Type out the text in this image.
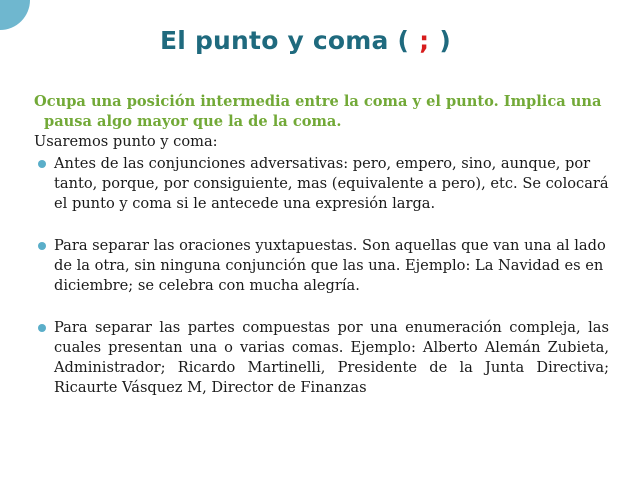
El punto y coma ( ; )

Ocupa una posición intermedia entre la coma y el punto. Implica una pausa algo mayor que la de la coma.

Usaremos punto y coma:

Antes de las conjunciones adversativas: pero, empero, sino, aunque, por tanto, porque, por consiguiente, mas (equivalente a pero), etc. Se colocará el punto y coma si le antecede una expresión larga.
Para separar las oraciones yuxtapuestas. Son aquellas que van una al lado de la otra, sin ninguna conjunción que las una. Ejemplo: La Navidad es en diciembre; se celebra con mucha alegría.
Para separar las partes compuestas por una enumeración compleja, las cuales presentan una o varias comas. Ejemplo: Alberto Alemán Zubieta, Administrador; Ricardo Martinelli, Presidente de la Junta Directiva; Ricaurte Vásquez M, Director de Finanzas
